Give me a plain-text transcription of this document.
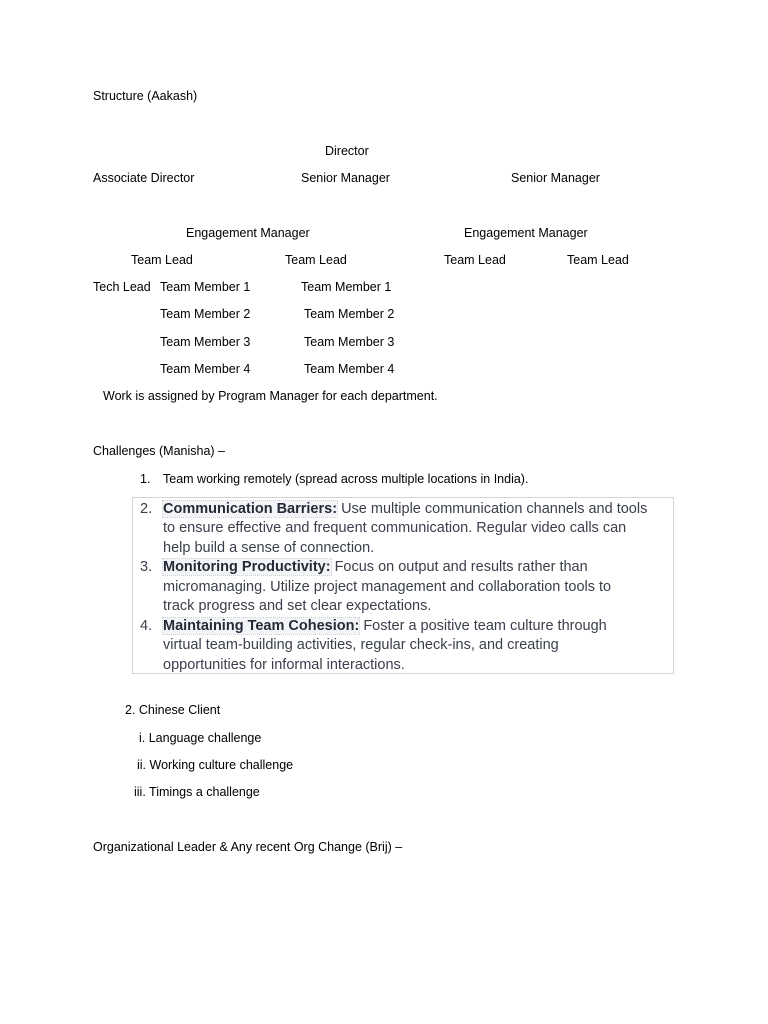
Structure (Aakash)
Director
Associate Director	Senior Manager	Senior Manager
Engagement Manager	Engagement Manager
Team Lead	Team Lead	Team Lead	Team Lead
Tech Lead Team Member 1	Team Member 1
Team Member 2	Team Member 2
Team Member 3	Team Member 3
Team Member 4	Team Member 4
Work is assigned by Program Manager for each department.
Challenges (Manisha) –
1. Team working remotely (spread across multiple locations in India).
2. Communication Barriers: Use multiple communication channels and tools
to ensure effective and frequent communication. Regular video calls can
help build a sense of connection.
3. Monitoring Productivity: Focus on output and results rather than
micromanaging. Utilize project management and collaboration tools to
track progress and set clear expectations.
4. Maintaining Team Cohesion: Foster a positive team culture through
virtual team-building activities, regular check-ins, and creating
opportunities for informal interactions.
2. Chinese Client
i. Language challenge
ii. Working culture challenge
iii. Timings a challenge
Organizational Leader & Any recent Org Change (Brij) –
